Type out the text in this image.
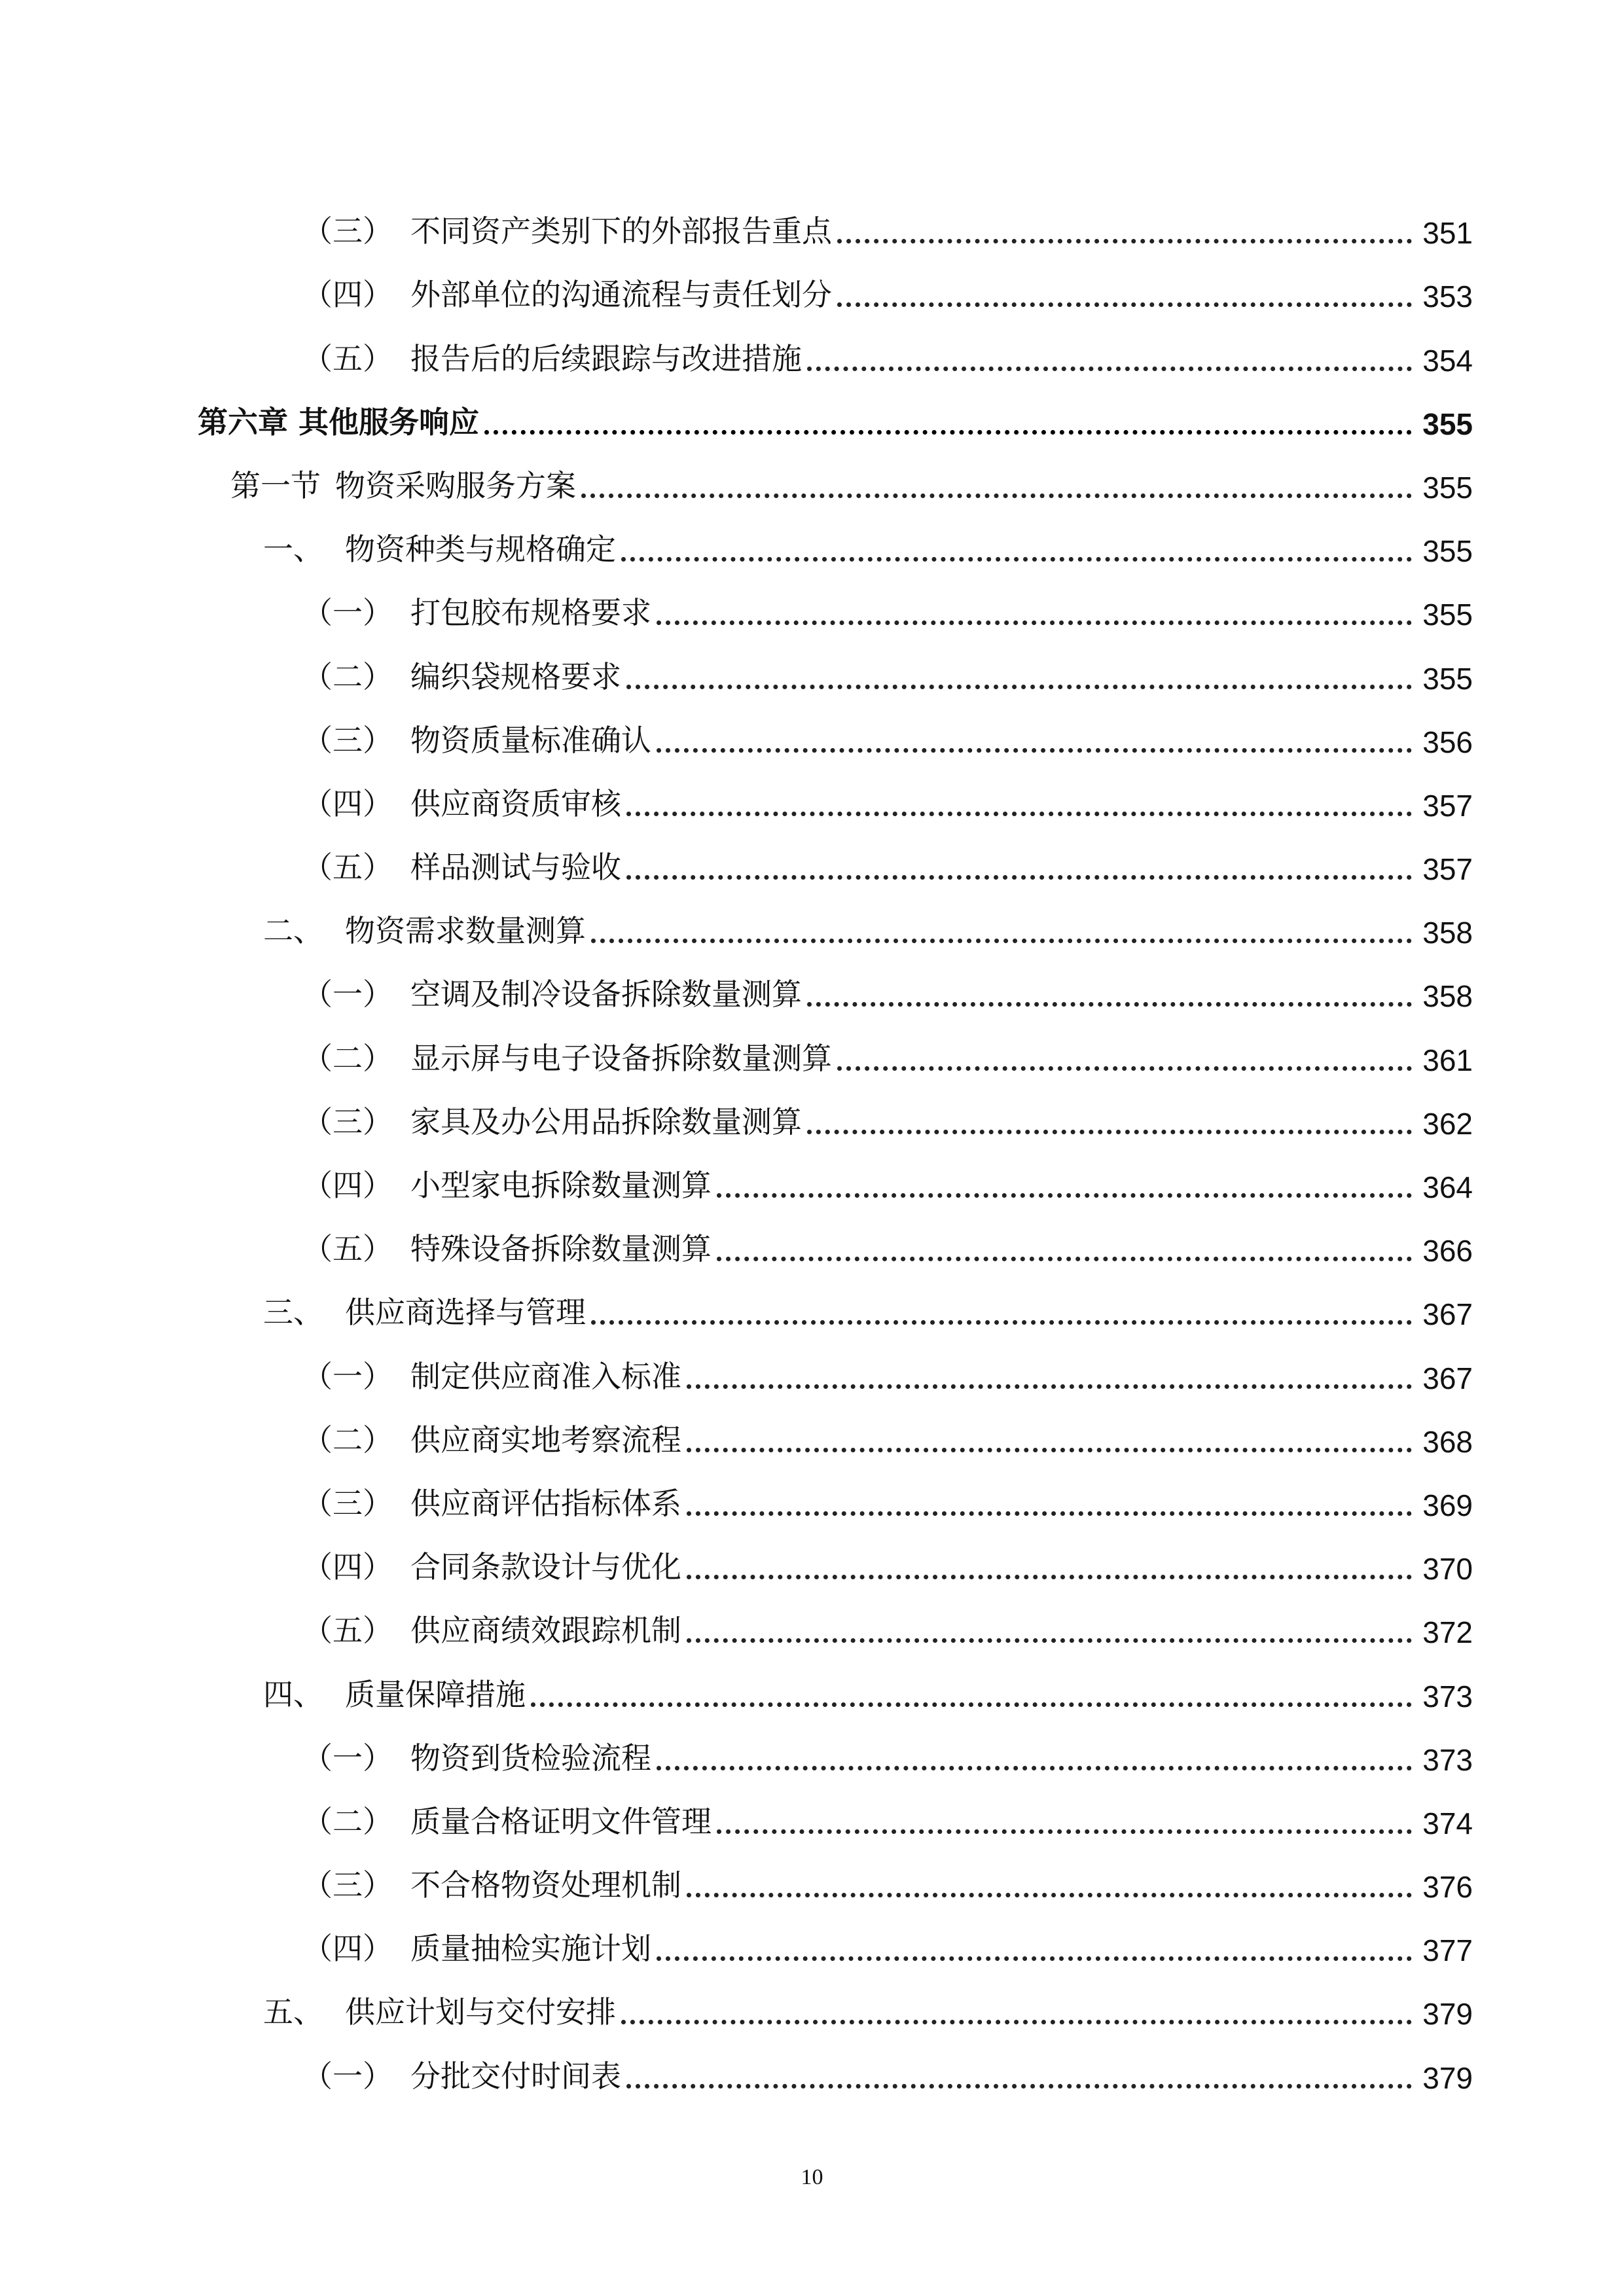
（三） 不同资产类别下的外部报告重点	351
（四） 外部单位的沟通流程与责任划分	353
（五） 报告后的后续跟踪与改进措施	354
第六章 其他服务响应	355
第一节 物资采购服务方案	355
一、 物资种类与规格确定	355
（一） 打包胶布规格要求	355
（二） 编织袋规格要求	355
（三） 物资质量标准确认	356
（四） 供应商资质审核	357
（五） 样品测试与验收	357
二、 物资需求数量测算	358
（一） 空调及制冷设备拆除数量测算	358
（二） 显示屏与电子设备拆除数量测算	361
（三） 家具及办公用品拆除数量测算	362
（四） 小型家电拆除数量测算	364
（五） 特殊设备拆除数量测算	366
三、 供应商选择与管理	367
（一） 制定供应商准入标准	367
（二） 供应商实地考察流程	368
（三） 供应商评估指标体系	369
（四） 合同条款设计与优化	370
（五） 供应商绩效跟踪机制	372
四、 质量保障措施	373
（一） 物资到货检验流程	373
（二） 质量合格证明文件管理	374
（三） 不合格物资处理机制	376
（四） 质量抽检实施计划	377
五、 供应计划与交付安排	379
（一） 分批交付时间表	379
10
